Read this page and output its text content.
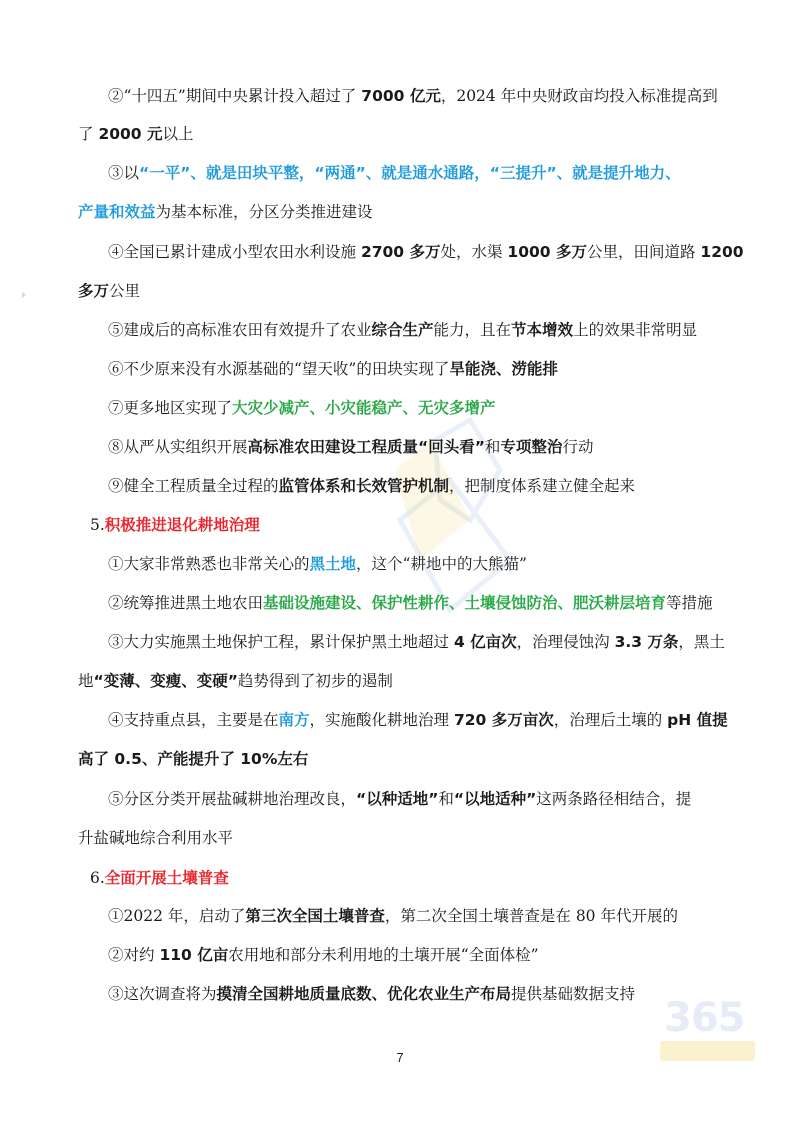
②“十四五”期间中央累计投入超过了 7000 亿元，2024 年中央财政亩均投入标准提高到
了 2000 元以上
③以“一平”、就是田块平整，“两通”、就是通水通路，“三提升”、就是提升地力、
产量和效益为基本标准，分区分类推进建设
④全国已累计建成小型农田水利设施 2700 多万处，水渠 1000 多万公里，田间道路 1200
多万公里
⑤建成后的高标准农田有效提升了农业综合生产能力，且在节本增效上的效果非常明显
⑥不少原来没有水源基础的“望天收”的田块实现了旱能浇、涝能排
⑦更多地区实现了大灾少减产、小灾能稳产、无灾多增产
⑧从严从实组织开展高标准农田建设工程质量“回头看”和专项整治行动
⑨健全工程质量全过程的监管体系和长效管护机制，把制度体系建立健全起来
5.积极推进退化耕地治理
①大家非常熟悉也非常关心的黑土地，这个“耕地中的大熊猫”
②统筹推进黑土地农田基础设施建设、保护性耕作、土壤侵蚀防治、肥沃耕层培育等措施
③大力实施黑土地保护工程，累计保护黑土地超过 4 亿亩次，治理侵蚀沟 3.3 万条，黑土
地“变薄、变瘦、变硬”趋势得到了初步的遏制
④支持重点县，主要是在南方，实施酸化耕地治理 720 多万亩次，治理后土壤的 pH 值提
高了 0.5、产能提升了 10%左右
⑤分区分类开展盐碱耕地治理改良，“以种适地”和“以地适种”这两条路径相结合，提
升盐碱地综合利用水平
6.全面开展土壤普查
①2022 年，启动了第三次全国土壤普查，第二次全国土壤普查是在 80 年代开展的
②对约 110 亿亩农用地和部分未利用地的土壤开展“全面体检”
③这次调查将为摸清全国耕地质量底数、优化农业生产布局提供基础数据支持
365
7
